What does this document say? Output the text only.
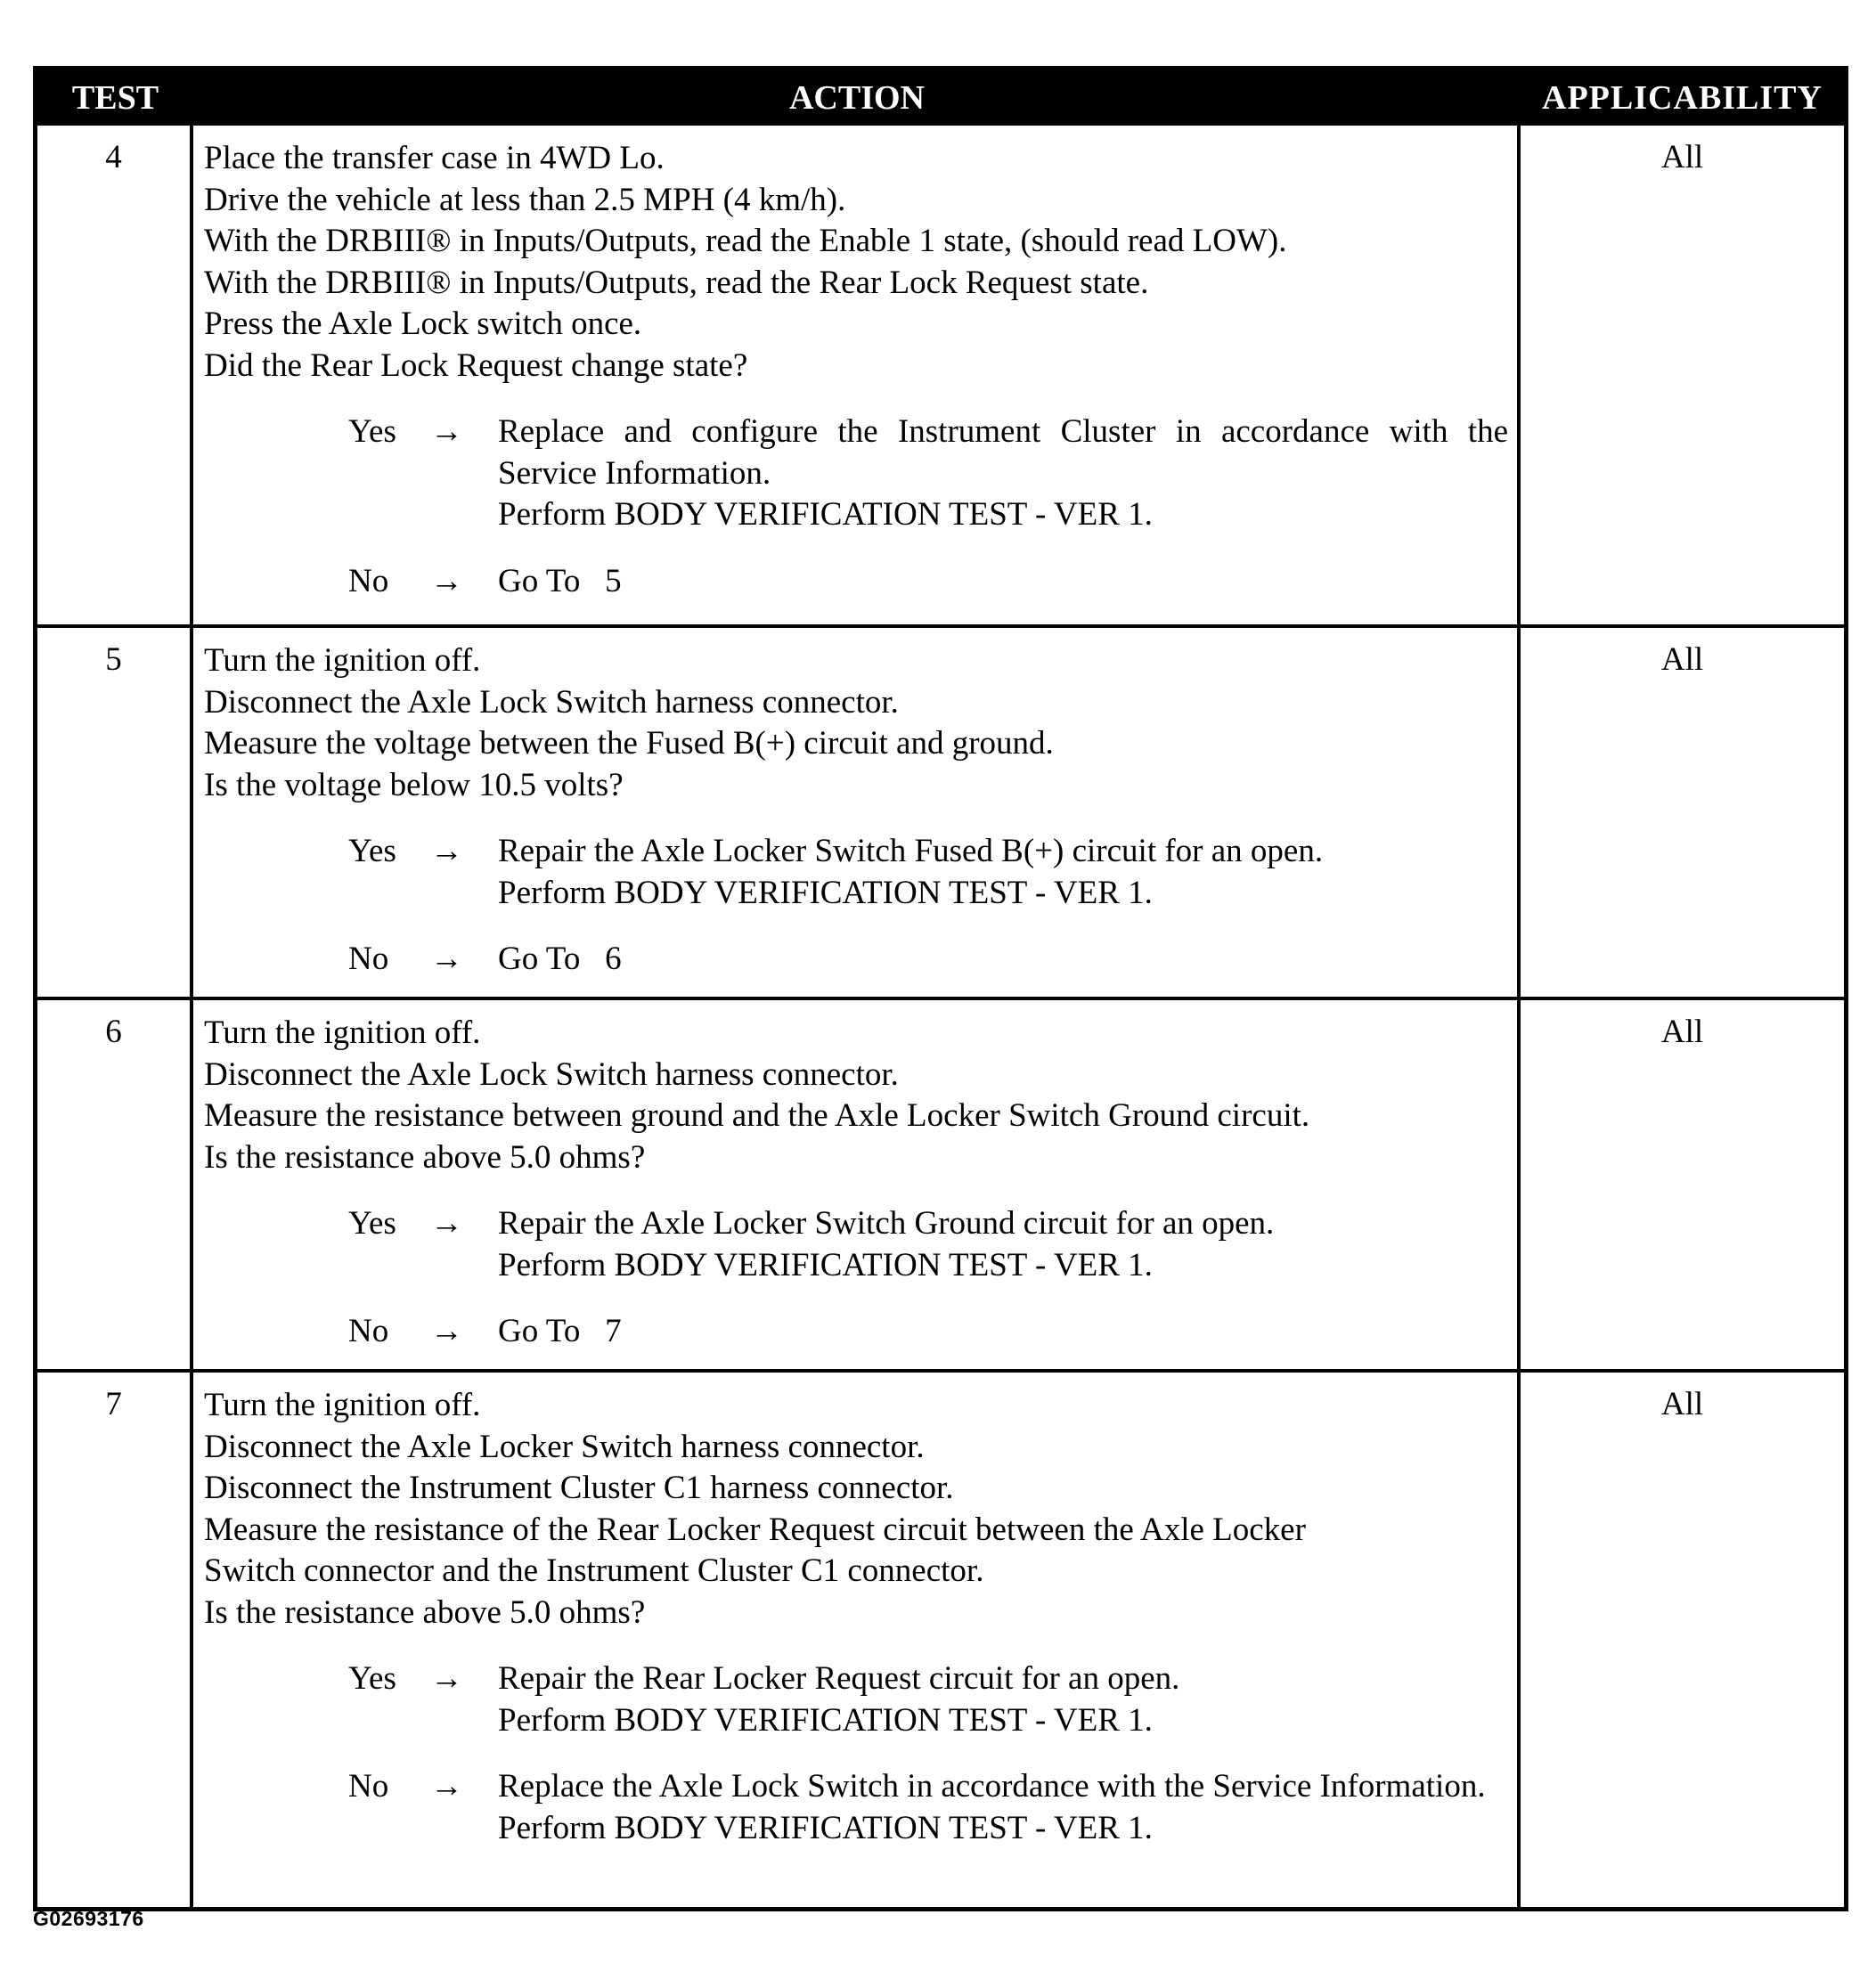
TEST	ACTION	APPLICABILITY
4	Place the transfer case in 4WD Lo.
Drive the vehicle at less than 2.5 MPH (4 km/h).
With the DRBIII® in Inputs/Outputs, read the Enable 1 state, (should read LOW).
With the DRBIII® in Inputs/Outputs, read the Rear Lock Request state.
Press the Axle Lock switch once.
Did the Rear Lock Request change state?
Yes	→	Replace and configure the Instrument Cluster in accordance with the Service Information.
Perform BODY VERIFICATION TEST - VER 1.
No	→	Go To   5
All
5	Turn the ignition off.
Disconnect the Axle Lock Switch harness connector.
Measure the voltage between the Fused B(+) circuit and ground.
Is the voltage below 10.5 volts?
Yes	→	Repair the Axle Locker Switch Fused B(+) circuit for an open.
Perform BODY VERIFICATION TEST - VER 1.
No	→	Go To   6
All
6	Turn the ignition off.
Disconnect the Axle Lock Switch harness connector.
Measure the resistance between ground and the Axle Locker Switch Ground circuit.
Is the resistance above 5.0 ohms?
Yes	→	Repair the Axle Locker Switch Ground circuit for an open.
Perform BODY VERIFICATION TEST - VER 1.
No	→	Go To   7
All
7	Turn the ignition off.
Disconnect the Axle Locker Switch harness connector.
Disconnect the Instrument Cluster C1 harness connector.
Measure the resistance of the Rear Locker Request circuit between the Axle Locker
Switch connector and the Instrument Cluster C1 connector.
Is the resistance above 5.0 ohms?
Yes	→	Repair the Rear Locker Request circuit for an open.
Perform BODY VERIFICATION TEST - VER 1.
No	→	Replace the Axle Lock Switch in accordance with the Service Information.
Perform BODY VERIFICATION TEST - VER 1.
All
G02693176
